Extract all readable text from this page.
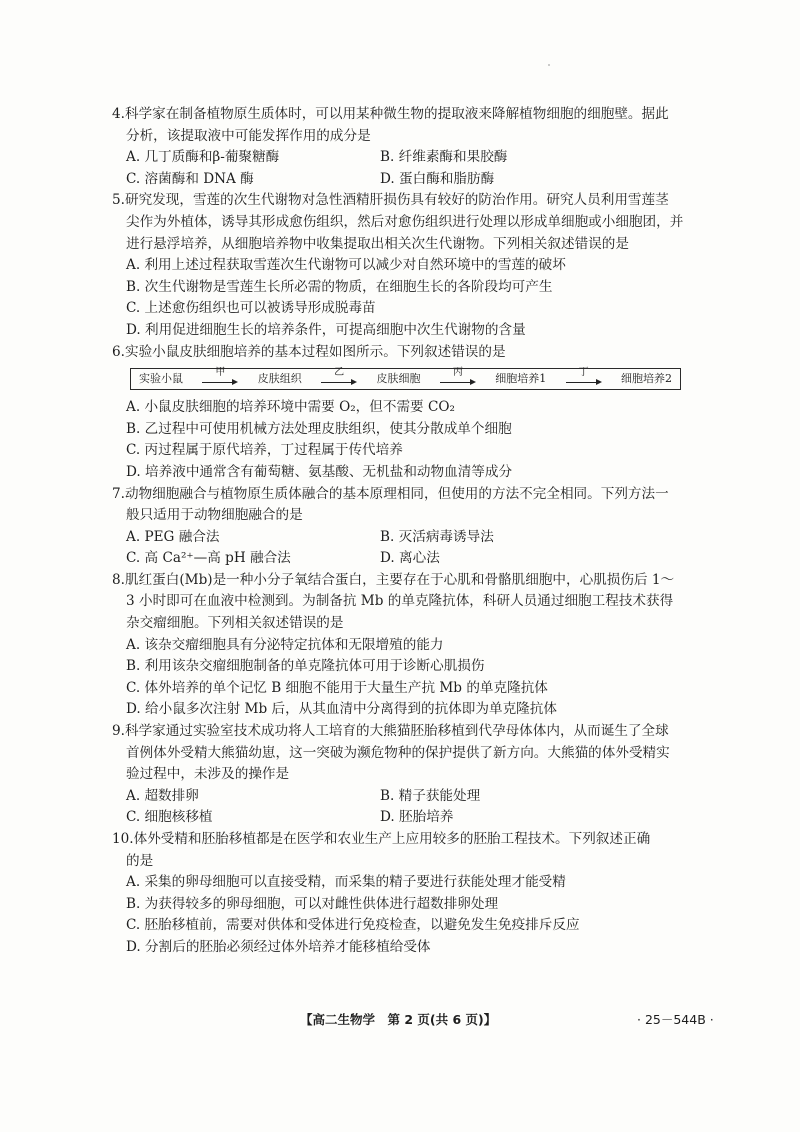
4.科学家在制备植物原生质体时，可以用某种微生物的提取液来降解植物细胞的细胞壁。据此
分析，该提取液中可能发挥作用的成分是
A. 几丁质酶和β-葡聚糖酶	B. 纤维素酶和果胶酶
C. 溶菌酶和 DNA 酶	D. 蛋白酶和脂肪酶
5.研究发现，雪莲的次生代谢物对急性酒精肝损伤具有较好的防治作用。研究人员利用雪莲茎
尖作为外植体，诱导其形成愈伤组织，然后对愈伤组织进行处理以形成单细胞或小细胞团，并
进行悬浮培养，从细胞培养物中收集提取出相关次生代谢物。下列相关叙述错误的是
A. 利用上述过程获取雪莲次生代谢物可以减少对自然环境中的雪莲的破坏
B. 次生代谢物是雪莲生长所必需的物质，在细胞生长的各阶段均可产生
C. 上述愈伤组织也可以被诱导形成脱毒苗
D. 利用促进细胞生长的培养条件，可提高细胞中次生代谢物的含量
6.实验小鼠皮肤细胞培养的基本过程如图所示。下列叙述错误的是
实验小鼠	甲	皮肤组织	乙	皮肤细胞	丙	细胞培养1	丁	细胞培养2
A. 小鼠皮肤细胞的培养环境中需要 O₂，但不需要 CO₂
B. 乙过程中可使用机械方法处理皮肤组织，使其分散成单个细胞
C. 丙过程属于原代培养，丁过程属于传代培养
D. 培养液中通常含有葡萄糖、氨基酸、无机盐和动物血清等成分
7.动物细胞融合与植物原生质体融合的基本原理相同，但使用的方法不完全相同。下列方法一
般只适用于动物细胞融合的是
A. PEG 融合法	B. 灭活病毒诱导法
C. 高 Ca²⁺—高 pH 融合法	D. 离心法
8.肌红蛋白(Mb)是一种小分子氧结合蛋白，主要存在于心肌和骨骼肌细胞中，心肌损伤后 1～
3 小时即可在血液中检测到。为制备抗 Mb 的单克隆抗体，科研人员通过细胞工程技术获得
杂交瘤细胞。下列相关叙述错误的是
A. 该杂交瘤细胞具有分泌特定抗体和无限增殖的能力
B. 利用该杂交瘤细胞制备的单克隆抗体可用于诊断心肌损伤
C. 体外培养的单个记忆 B 细胞不能用于大量生产抗 Mb 的单克隆抗体
D. 给小鼠多次注射 Mb 后，从其血清中分离得到的抗体即为单克隆抗体
9.科学家通过实验室技术成功将人工培育的大熊猫胚胎移植到代孕母体体内，从而诞生了全球
首例体外受精大熊猫幼崽，这一突破为濒危物种的保护提供了新方向。大熊猫的体外受精实
验过程中，未涉及的操作是
A. 超数排卵	B. 精子获能处理
C. 细胞核移植	D. 胚胎培养
10.体外受精和胚胎移植都是在医学和农业生产上应用较多的胚胎工程技术。下列叙述正确
的是
A. 采集的卵母细胞可以直接受精，而采集的精子要进行获能处理才能受精
B. 为获得较多的卵母细胞，可以对雌性供体进行超数排卵处理
C. 胚胎移植前，需要对供体和受体进行免疫检查，以避免发生免疫排斥反应
D. 分割后的胚胎必须经过体外培养才能移植给受体
【高二生物学　第 2 页(共 6 页)】	· 25－544B ·
